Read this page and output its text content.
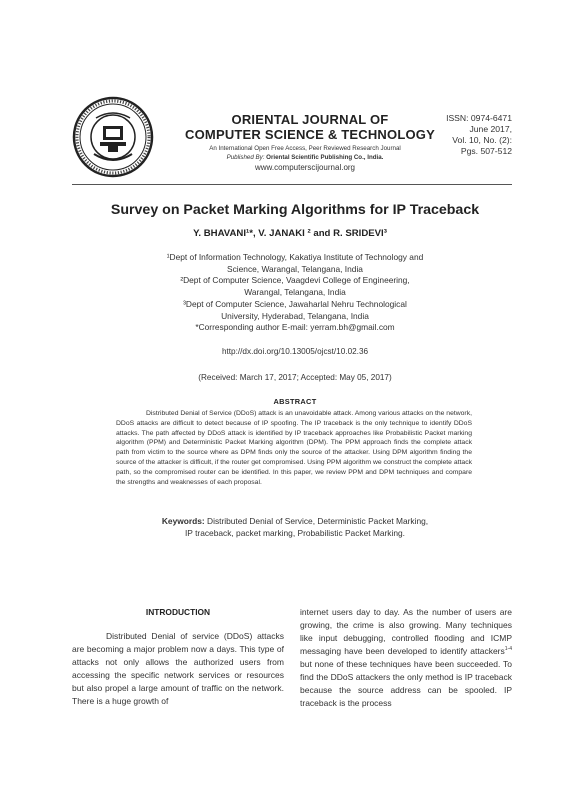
ORIENTAL JOURNAL OF
COMPUTER SCIENCE & TECHNOLOGY
An International Open Free Access, Peer Reviewed Research Journal
Published By: Oriental Scientific Publishing Co., India.
www.computerscijournal.org
ISSN: 0974-6471
June 2017,
Vol. 10, No. (2):
Pgs. 507-512
Survey on Packet Marking Algorithms for IP Traceback
Y. BHAVANI¹*, V. JANAKI ² and R. SRIDEVI³

¹Dept of Information Technology, Kakatiya Institute of Technology and

Science, Warangal, Telangana, India

²Dept of Computer Science, Vaagdevi College of Engineering,

Warangal, Telangana, India

³Dept of Computer Science, Jawaharlal Nehru Technological

University, Hyderabad, Telangana, India

*Corresponding author E-mail: yerram.bh@gmail.com

http://dx.doi.org/10.13005/ojcst/10.02.36
(Received: March 17, 2017; Accepted: May 05, 2017)
ABSTRACT
Distributed Denial of Service (DDoS) attack is an unavoidable attack. Among various attacks on the network, DDoS attacks are difficult to detect because of IP spoofing. The IP traceback is the only technique to identify DDoS attacks. The path affected by DDoS attack is identified by IP traceback approaches like Probabilistic Packet marking algorithm (PPM) and Deterministic Packet Marking algorithm (DPM). The PPM approach finds the complete attack path from victim to the source where as DPM finds only the source of the attacker. Using DPM algorithm finding the source of the attacker is difficult, if the router get compromised. Using PPM algorithm we construct the complete attack path, so the compromised router can be identified. In this paper, we review PPM and DPM techniques and compare the strengths and weaknesses of each proposal.
Keywords: Distributed Denial of Service, Deterministic Packet Marking,
IP traceback, packet marking, Probabilistic Packet Marking.
INTRODUCTION
Distributed Denial of service (DDoS) attacks are becoming a major problem now a days. This type of attacks not only allows the authorized users from accessing the specific network services or resources but also propel a large amount of traffic on the network. There is a huge growth of
internet users day to day. As the number of users are growing, the crime is also growing. Many techniques like input debugging, controlled flooding and ICMP messaging have been developed to identify attackers$^{1-4}$ but none of these techniques have been succeeded. To find the DDoS attackers the only method is IP traceback because the source address can be spooled. IP traceback is the process
